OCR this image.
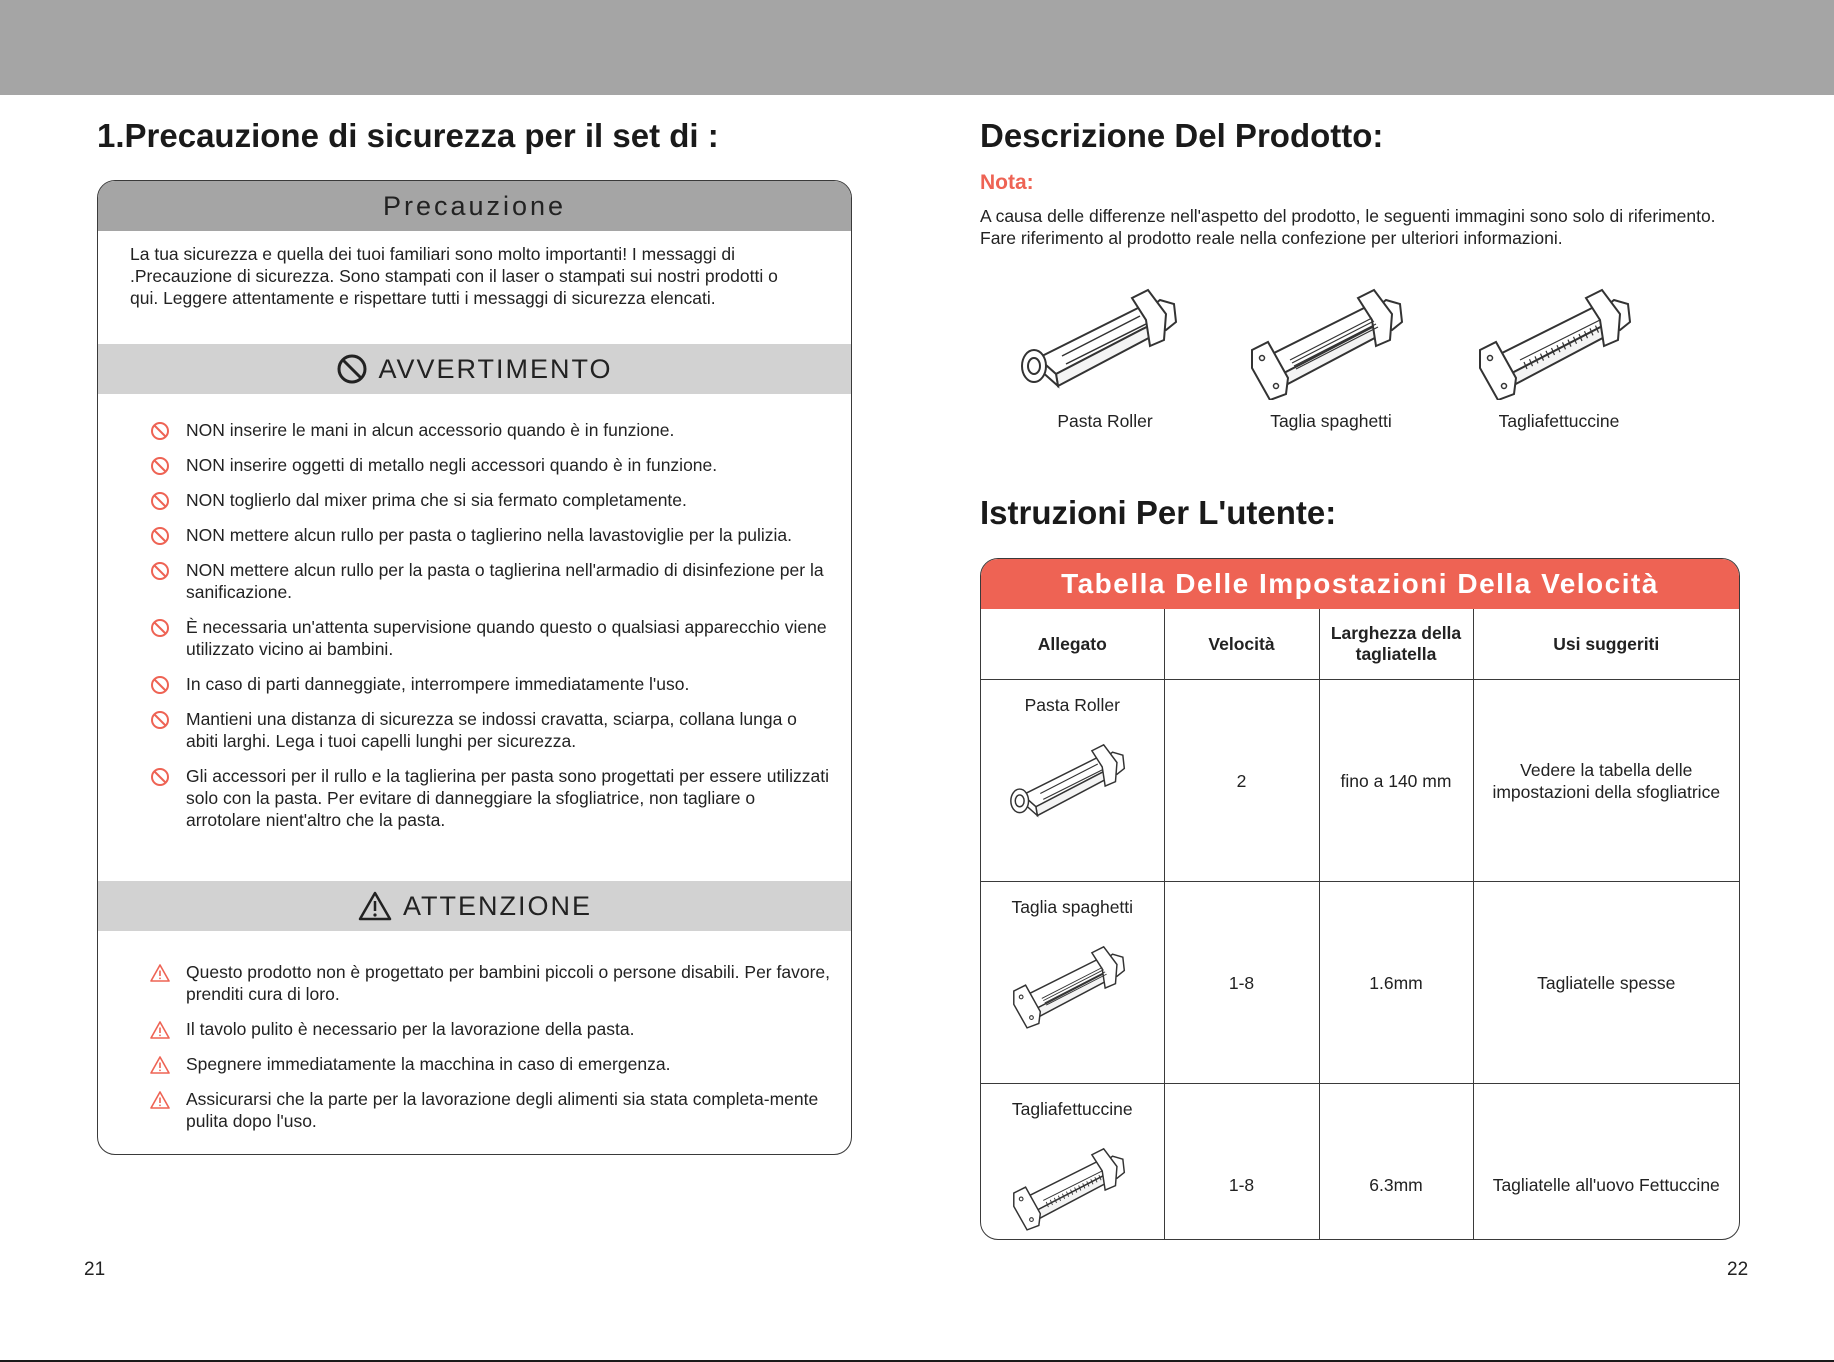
1.Precauzione di sicurezza per il set di :
Precauzione
La tua sicurezza e quella dei tuoi familiari sono molto importanti! I messaggi di .Precauzione di sicurezza. Sono stampati con il laser o stampati sui nostri prodotti o qui. Leggere attentamente e rispettare tutti i messaggi di sicurezza elencati.
AVVERTIMENTO
NON inserire le mani in alcun accessorio quando è in funzione.
NON inserire oggetti di metallo negli accessori quando è in funzione.
NON toglierlo dal mixer prima che si sia fermato completamente.
NON mettere alcun rullo per pasta o taglierino nella lavastoviglie per la pulizia.
NON mettere alcun rullo per la pasta o taglierina nell'armadio di disinfezione per la sanificazione.
È necessaria un'attenta supervisione quando questo o qualsiasi apparecchio viene utilizzato vicino ai bambini.
In caso di parti danneggiate, interrompere immediatamente l'uso.
Mantieni una distanza di sicurezza se indossi cravatta, sciarpa, collana lunga o abiti larghi. Lega i tuoi capelli lunghi per sicurezza.
Gli accessori per il rullo e la taglierina per pasta sono progettati per essere utilizzati solo con la pasta. Per evitare di danneggiare la sfogliatrice, non tagliare o arrotolare nient'altro che la pasta.
ATTENZIONE
Questo prodotto non è progettato per bambini piccoli o persone disabili. Per favore, prenditi cura di loro.
Il tavolo pulito è necessario per la lavorazione della pasta.
Spegnere immediatamente la macchina in caso di emergenza.
Assicurarsi che la parte per la lavorazione degli alimenti sia stata completa-mente pulita dopo l'uso.
21
Descrizione Del Prodotto:
Nota:
A causa delle differenze nell'aspetto del prodotto, le seguenti immagini sono solo di riferimento. Fare riferimento al prodotto reale nella confezione per ulteriori informazioni.
Pasta Roller	Taglia spaghetti	Tagliafettuccine
Istruzioni Per L'utente:
Tabella Delle Impostazioni Della Velocità
Allegato	Velocità	Larghezza della tagliatella	Usi suggeriti

Pasta Roller	2	fino a 140 mm	Vedere la tabella delle impostazioni della sfogliatrice

Taglia spaghetti	1-8	1.6mm	Tagliatelle spesse

Tagliafettuccine	1-8	6.3mm	Tagliatelle all'uovo Fettuccine
22
